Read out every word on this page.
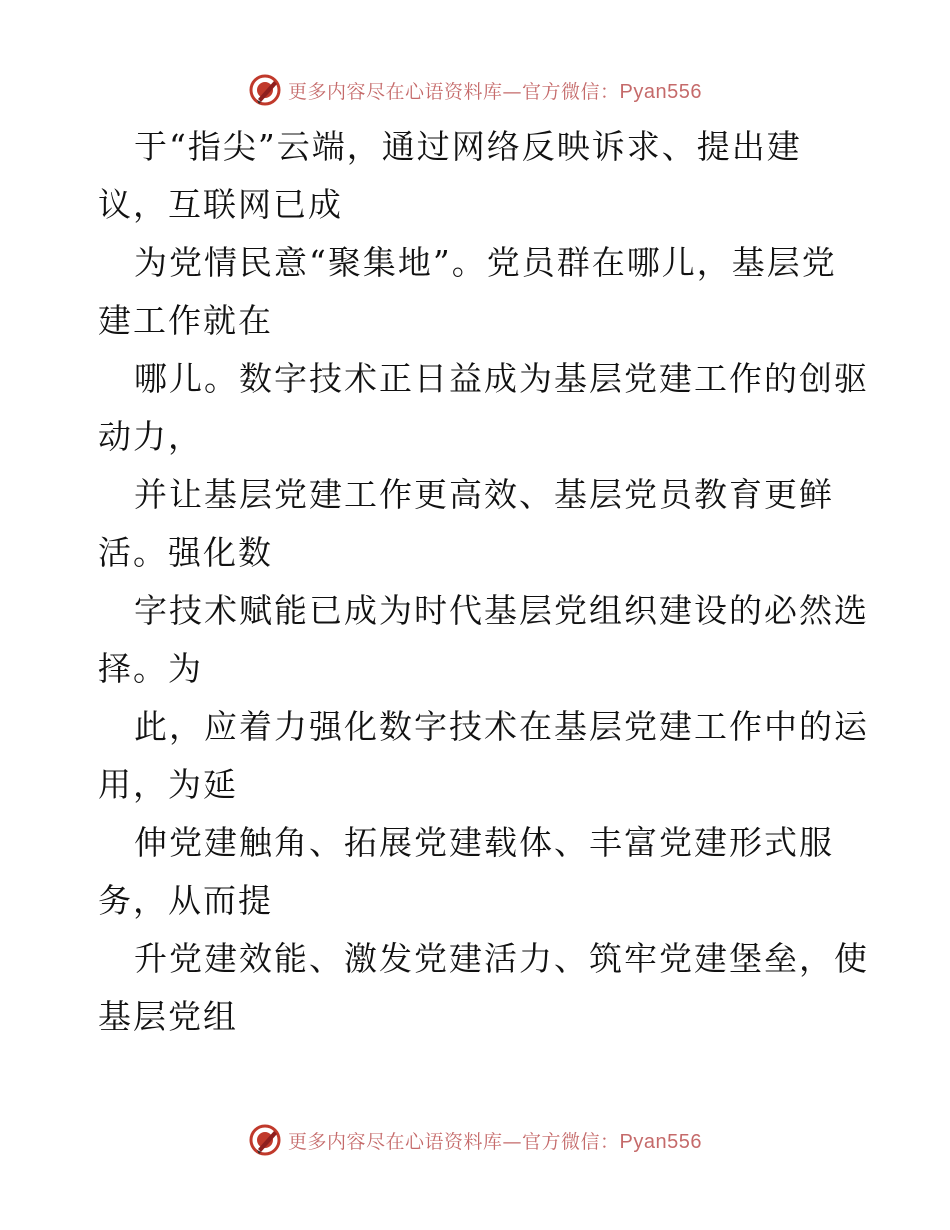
更多内容尽在心语资料库—官方微信：Pyan556
于“指尖”云端，通过网络反映诉求、提出建
议，互联网已成
为党情民意“聚集地”。党员群在哪儿，基层党
建工作就在
哪儿。数字技术正日益成为基层党建工作的创驱
动力，
并让基层党建工作更高效、基层党员教育更鲜
活。强化数
字技术赋能已成为时代基层党组织建设的必然选
择。为
此，应着力强化数字技术在基层党建工作中的运
用，为延
伸党建触角、拓展党建载体、丰富党建形式服
务，从而提
升党建效能、激发党建活力、筑牢党建堡垒，使
基层党组
更多内容尽在心语资料库—官方微信：Pyan556
